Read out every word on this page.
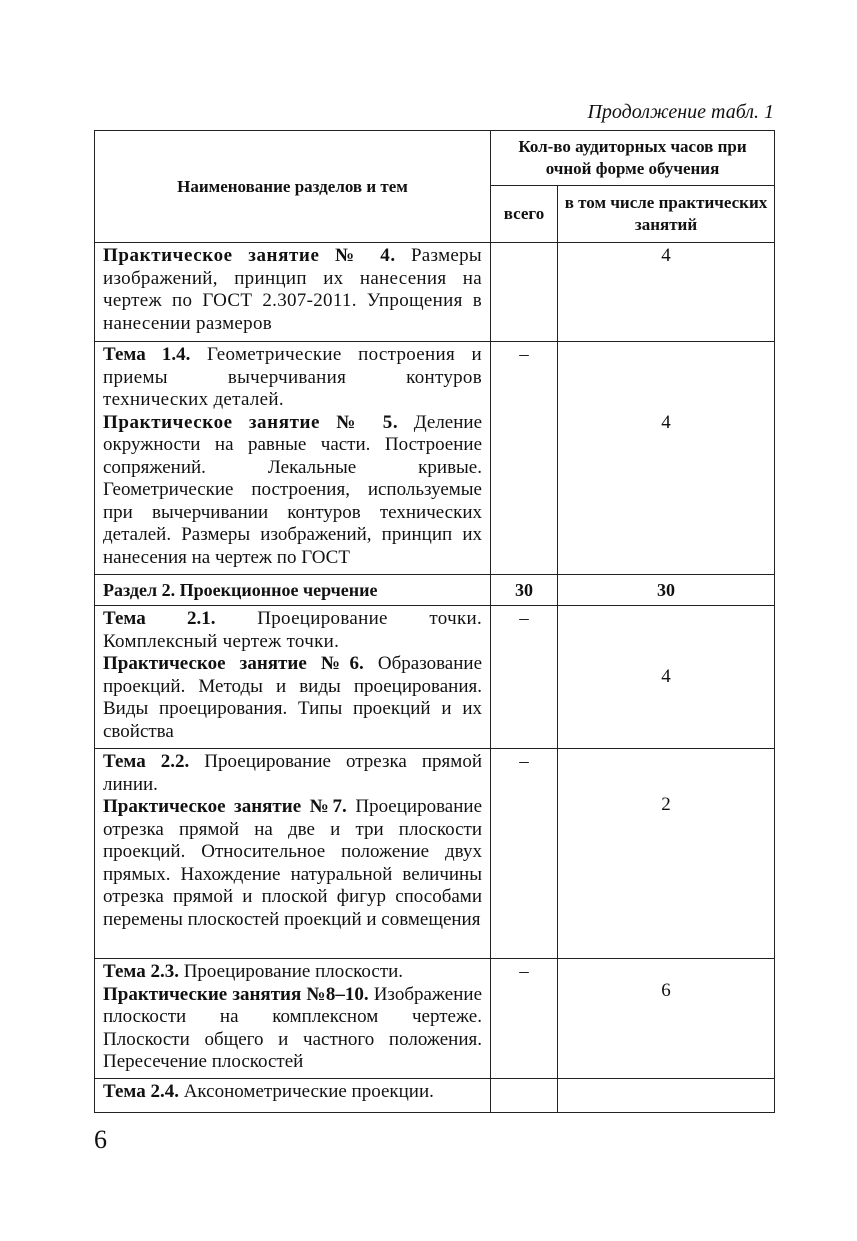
Продолжение табл. 1
Наименование разделов и тем	Кол-во аудиторных часов при очной форме обучения	
	всего	в том числе практических занятий

Практическое занятие № 4. Размеры изображений, принцип их нанесения на чертеж по ГОСТ 2.307-2011. Упрощения в нанесении размеров		4

Тема 1.4. Геометрические построения и приемы вычерчивания контуров технических деталей.

Практическое занятие № 5. Деление окружности на равные части. Построение сопряжений. Лекальные кривые. Геометрические построения, используемые при вычерчивании контуров технических деталей. Размеры изображений, принцип их нанесения на чертеж по ГОСТ	–	4
Раздел 2. Проекционное черчение	30	30

Тема 2.1. Проецирование точки. Комплексный чертеж точки.

Практическое занятие №6. Образование проекций. Методы и виды проецирования. Виды проецирования. Типы проекций и их свойства	–	4

Тема 2.2. Проецирование отрезка прямой линии.

Практическое занятие №7. Проецирование отрезка прямой на две и три плоскости проекций. Относительное положение двух прямых. Нахождение натуральной величины отрезка прямой и плоской фигур способами перемены плоскостей проекций и совмещения	–	2

Тема 2.3. Проецирование плоскости.

Практические занятия №8–10. Изображение плоскости на комплексном чертеже. Плоскости общего и частного положения. Пересечение плоскостей	–	6

Тема 2.4. Аксонометрические проекции.		

6
